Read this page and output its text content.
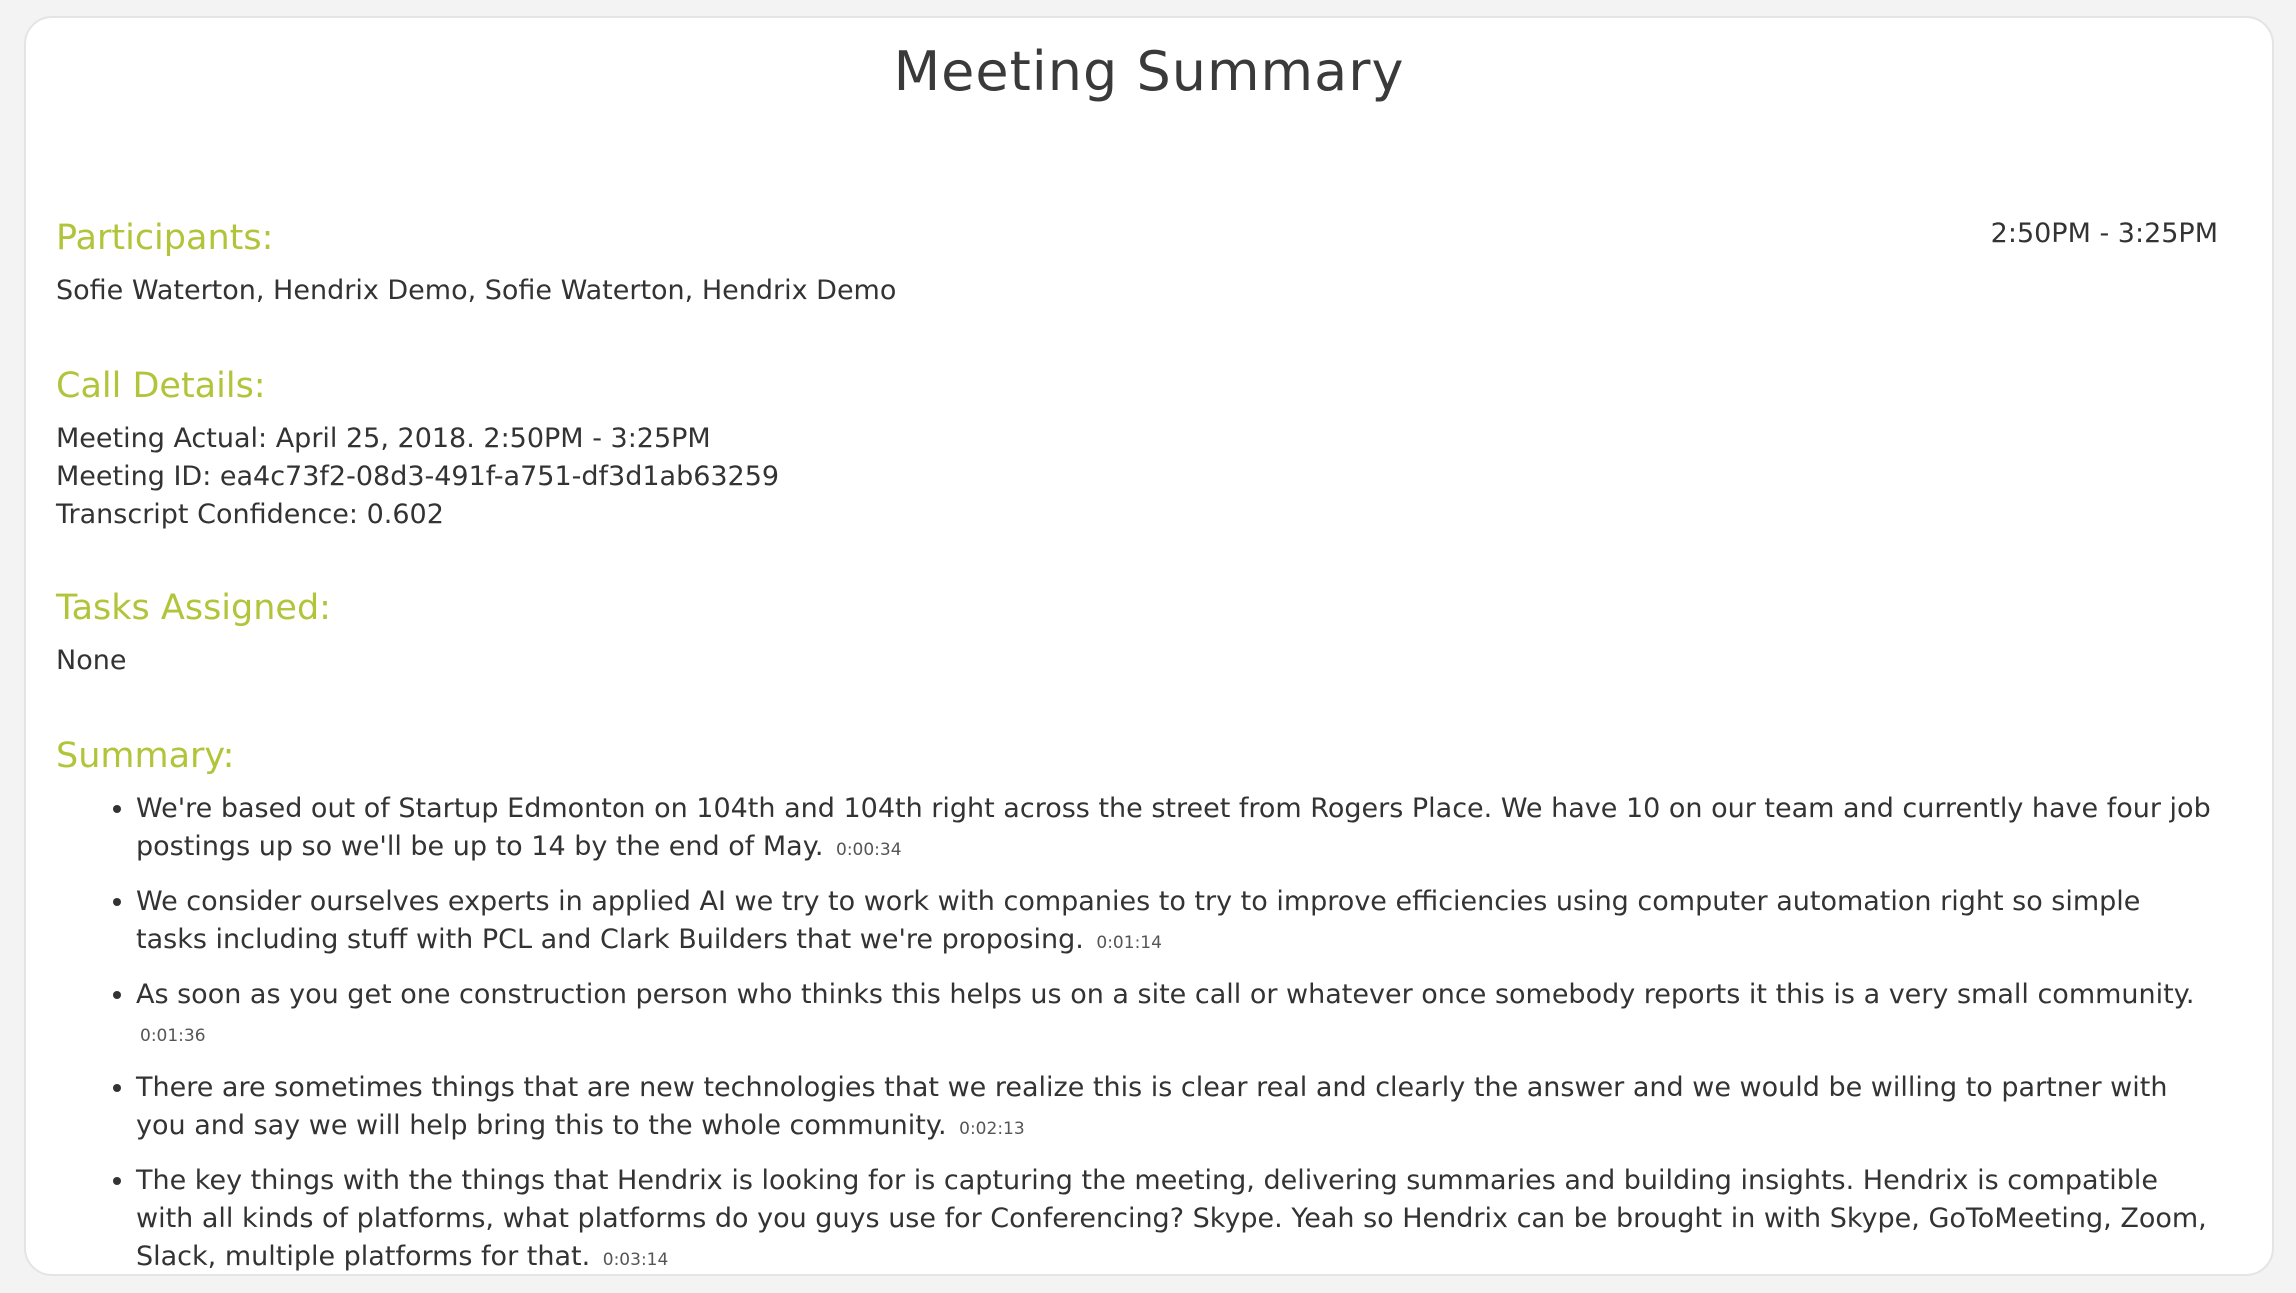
Meeting Summary
2:50PM - 3:25PM
Participants:
Sofie Waterton, Hendrix Demo, Sofie Waterton, Hendrix Demo
Call Details:
Meeting Actual: April 25, 2018. 2:50PM - 3:25PM
Meeting ID: ea4c73f2-08d3-491f-a751-df3d1ab63259
Transcript Confidence: 0.602
Tasks Assigned:
None
Summary:
• We're based out of Startup Edmonton on 104th and 104th right across the street from Rogers Place. We have 10 on our team and currently have four job postings up so we'll be up to 14 by the end of May. 0:00:34
• We consider ourselves experts in applied AI we try to work with companies to try to improve efficiencies using computer automation right so simple tasks including stuff with PCL and Clark Builders that we're proposing. 0:01:14
• As soon as you get one construction person who thinks this helps us on a site call or whatever once somebody reports it this is a very small community. 0:01:36
• There are sometimes things that are new technologies that we realize this is clear real and clearly the answer and we would be willing to partner with you and say we will help bring this to the whole community. 0:02:13
• The key things with the things that Hendrix is looking for is capturing the meeting, delivering summaries and building insights. Hendrix is compatible with all kinds of platforms, what platforms do you guys use for Conferencing? Skype. Yeah so Hendrix can be brought in with Skype, GoToMeeting, Zoom, Slack, multiple platforms for that. 0:03:14
